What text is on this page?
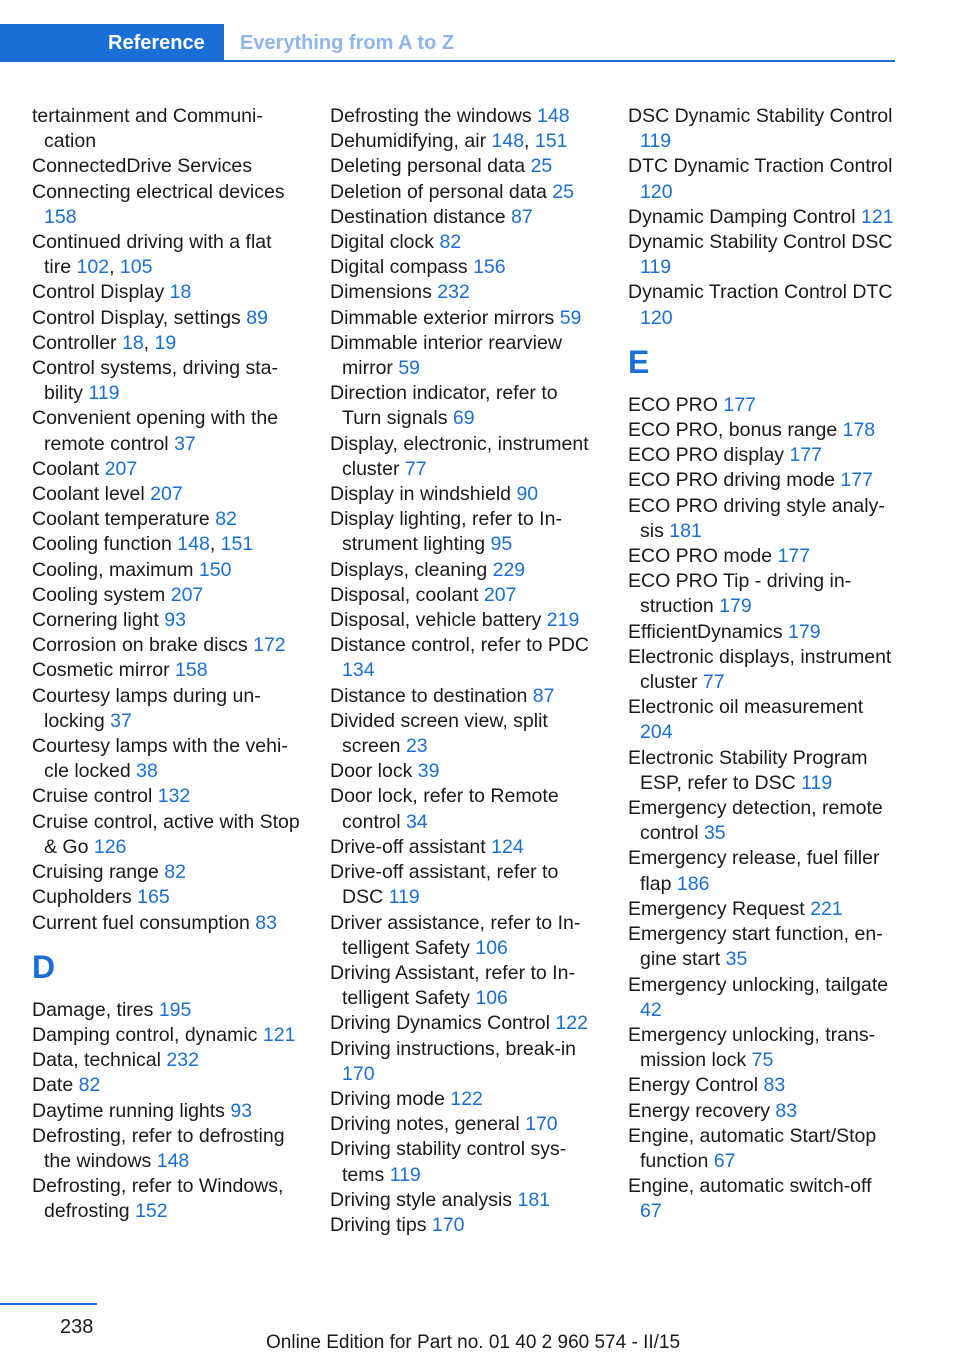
Reference	Everything from A to Z
tertainment and Communication
ConnectedDrive Services
Connecting electrical devices 158
Continued driving with a flat tire 102, 105
Control Display 18
Control Display, settings 89
Controller 18, 19
Control systems, driving stability 119
Convenient opening with the remote control 37
Coolant 207
Coolant level 207
Coolant temperature 82
Cooling function 148, 151
Cooling, maximum 150
Cooling system 207
Cornering light 93
Corrosion on brake discs 172
Cosmetic mirror 158
Courtesy lamps during unlocking 37
Courtesy lamps with the vehicle locked 38
Cruise control 132
Cruise control, active with Stop & Go 126
Cruising range 82
Cupholders 165
Current fuel consumption 83
D
Damage, tires 195
Damping control, dynamic 121
Data, technical 232
Date 82
Daytime running lights 93
Defrosting, refer to defrosting the windows 148
Defrosting, refer to Windows, defrosting 152
Defrosting the windows 148
Dehumidifying, air 148, 151
Deleting personal data 25
Deletion of personal data 25
Destination distance 87
Digital clock 82
Digital compass 156
Dimensions 232
Dimmable exterior mirrors 59
Dimmable interior rearview mirror 59
Direction indicator, refer to Turn signals 69
Display, electronic, instrument cluster 77
Display in windshield 90
Display lighting, refer to Instrument lighting 95
Displays, cleaning 229
Disposal, coolant 207
Disposal, vehicle battery 219
Distance control, refer to PDC 134
Distance to destination 87
Divided screen view, split screen 23
Door lock 39
Door lock, refer to Remote control 34
Drive-off assistant 124
Drive-off assistant, refer to DSC 119
Driver assistance, refer to Intelligent Safety 106
Driving Assistant, refer to Intelligent Safety 106
Driving Dynamics Control 122
Driving instructions, break-in 170
Driving mode 122
Driving notes, general 170
Driving stability control systems 119
Driving style analysis 181
Driving tips 170
DSC Dynamic Stability Control 119
DTC Dynamic Traction Control 120
Dynamic Damping Control 121
Dynamic Stability Control DSC 119
Dynamic Traction Control DTC 120
E
ECO PRO 177
ECO PRO, bonus range 178
ECO PRO display 177
ECO PRO driving mode 177
ECO PRO driving style analysis 181
ECO PRO mode 177
ECO PRO Tip - driving instruction 179
EfficientDynamics 179
Electronic displays, instrument cluster 77
Electronic oil measurement 204
Electronic Stability Program ESP, refer to DSC 119
Emergency detection, remote control 35
Emergency release, fuel filler flap 186
Emergency Request 221
Emergency start function, engine start 35
Emergency unlocking, tailgate 42
Emergency unlocking, transmission lock 75
Energy Control 83
Energy recovery 83
Engine, automatic Start/Stop function 67
Engine, automatic switch-off 67
238
Online Edition for Part no. 01 40 2 960 574 - II/15
